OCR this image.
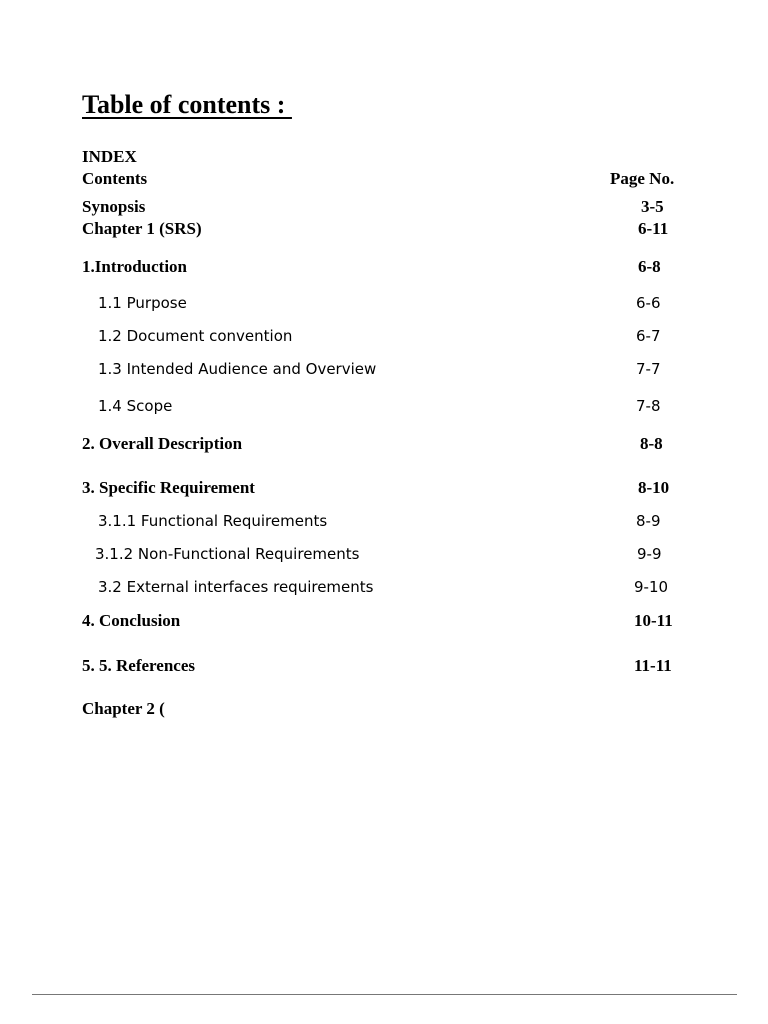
Table of contents :
INDEX
Contents	Page No.
Synopsis	3-5
Chapter 1 (SRS)	6-11
1.Introduction	6-8
1.1 Purpose	6-6
1.2 Document convention	6-7
1.3 Intended Audience and Overview	7-7
1.4 Scope	7-8
2. Overall Description	8-8
3. Specific Requirement	8-10
3.1.1 Functional Requirements	8-9
3.1.2 Non-Functional Requirements	9-9
3.2 External interfaces requirements	9-10
4. Conclusion	10-11
5. 5. References	11-11
Chapter 2 (
